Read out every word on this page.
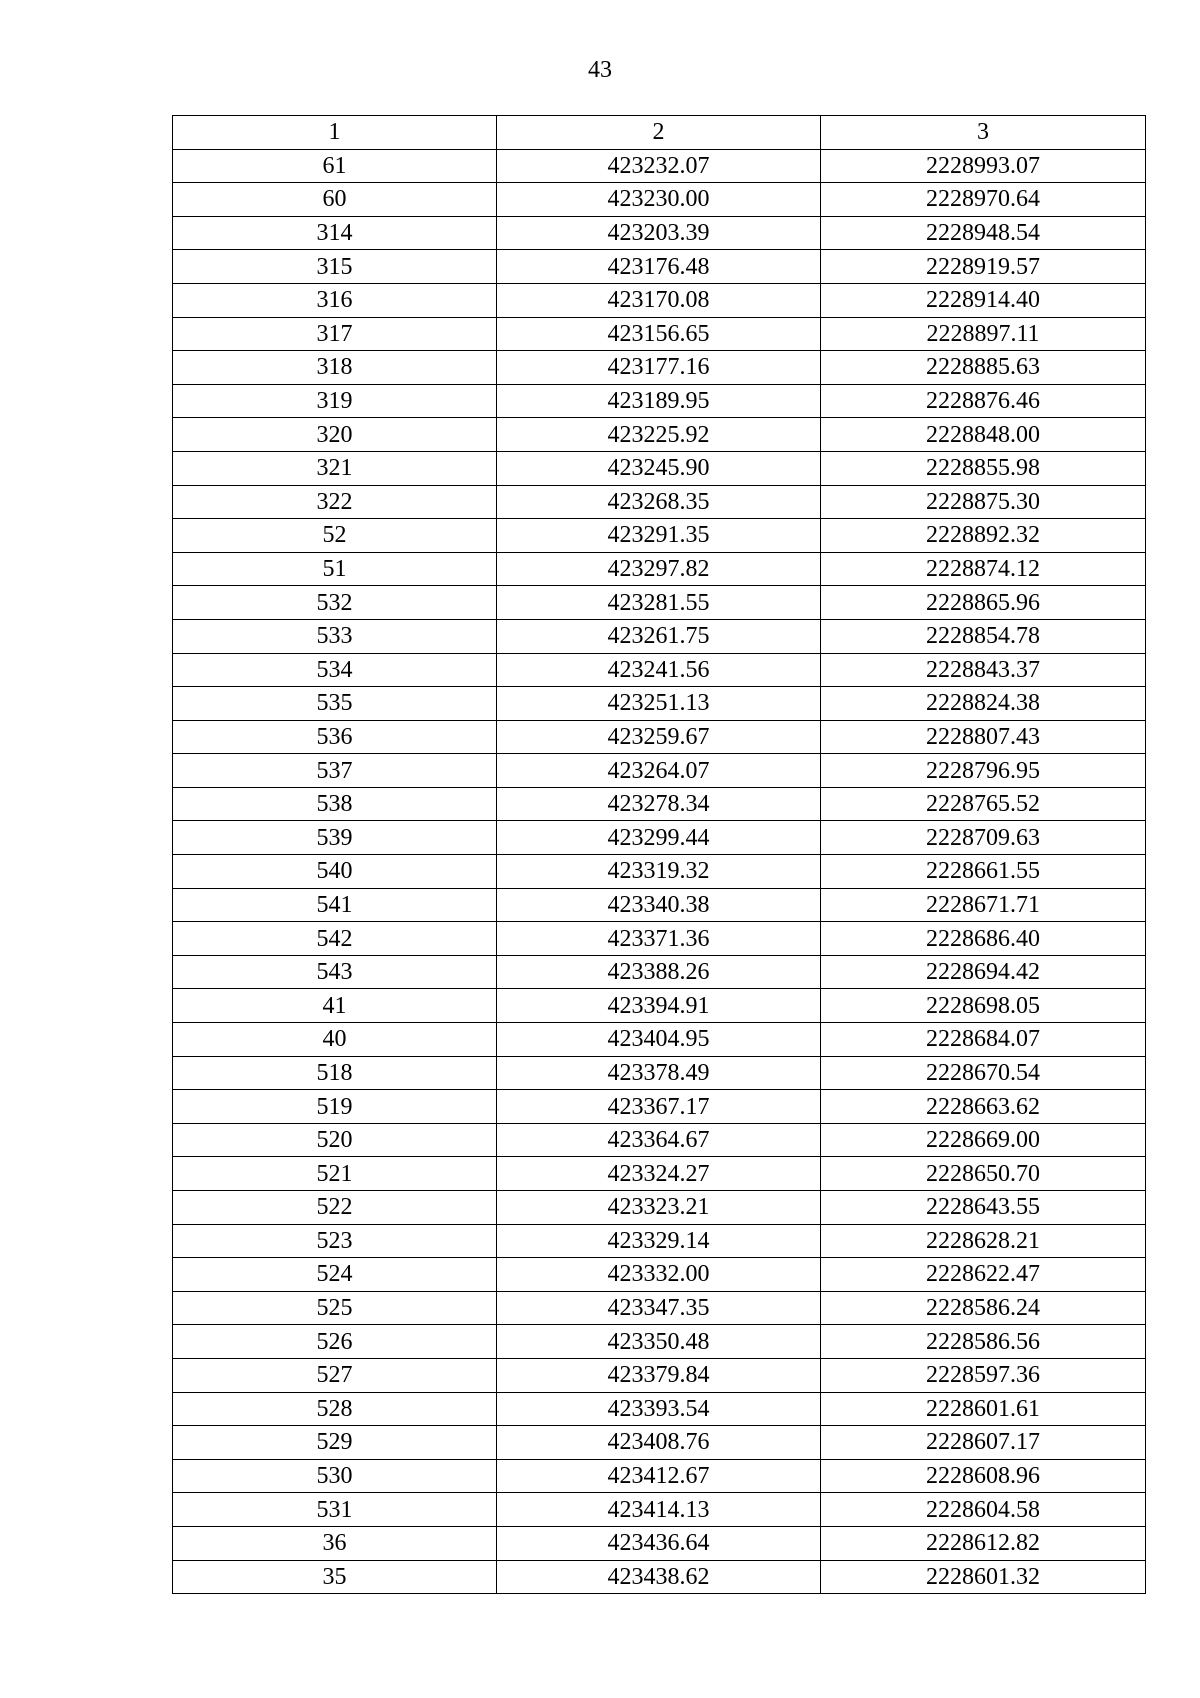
43
1	2	3
61	423232.07	2228993.07
60	423230.00	2228970.64
314	423203.39	2228948.54
315	423176.48	2228919.57
316	423170.08	2228914.40
317	423156.65	2228897.11
318	423177.16	2228885.63
319	423189.95	2228876.46
320	423225.92	2228848.00
321	423245.90	2228855.98
322	423268.35	2228875.30
52	423291.35	2228892.32
51	423297.82	2228874.12
532	423281.55	2228865.96
533	423261.75	2228854.78
534	423241.56	2228843.37
535	423251.13	2228824.38
536	423259.67	2228807.43
537	423264.07	2228796.95
538	423278.34	2228765.52
539	423299.44	2228709.63
540	423319.32	2228661.55
541	423340.38	2228671.71
542	423371.36	2228686.40
543	423388.26	2228694.42
41	423394.91	2228698.05
40	423404.95	2228684.07
518	423378.49	2228670.54
519	423367.17	2228663.62
520	423364.67	2228669.00
521	423324.27	2228650.70
522	423323.21	2228643.55
523	423329.14	2228628.21
524	423332.00	2228622.47
525	423347.35	2228586.24
526	423350.48	2228586.56
527	423379.84	2228597.36
528	423393.54	2228601.61
529	423408.76	2228607.17
530	423412.67	2228608.96
531	423414.13	2228604.58
36	423436.64	2228612.82
35	423438.62	2228601.32
